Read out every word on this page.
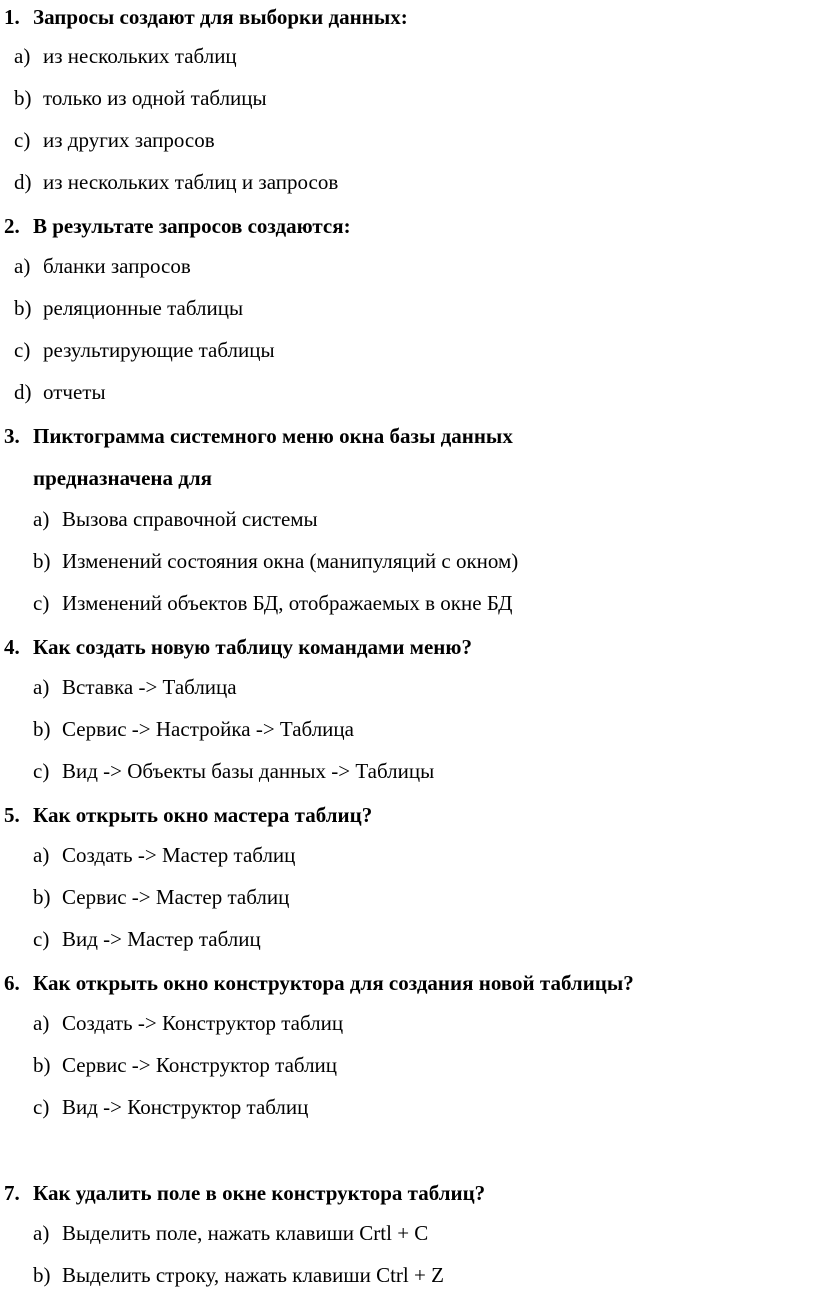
1. Запросы создают для выборки данных:
a) из нескольких таблиц
b) только из одной таблицы
c) из других запросов
d) из нескольких таблиц и запросов
2. В результате запросов создаются:
a) бланки запросов
b) реляционные таблицы
c) результирующие таблицы
d) отчеты
3. Пиктограмма системного меню окна базы данных
предназначена для
a) Вызова справочной системы
b) Изменений состояния окна (манипуляций с окном)
c) Изменений объектов БД, отображаемых в окне БД
4. Как создать новую таблицу командами меню?
a) Вставка -> Таблица
b) Сервис -> Настройка -> Таблица
c) Вид -> Объекты базы данных -> Таблицы
5. Как открыть окно мастера таблиц?
a) Создать -> Мастер таблиц
b) Сервис -> Мастер таблиц
c) Вид -> Мастер таблиц
6. Как открыть окно конструктора для создания новой таблицы?
a) Создать -> Конструктор таблиц
b) Сервис -> Конструктор таблиц
c) Вид -> Конструктор таблиц
7. Как удалить поле в окне конструктора таблиц?
a) Выделить поле, нажать клавиши Crtl + C
b) Выделить строку, нажать клавиши Ctrl + Z
